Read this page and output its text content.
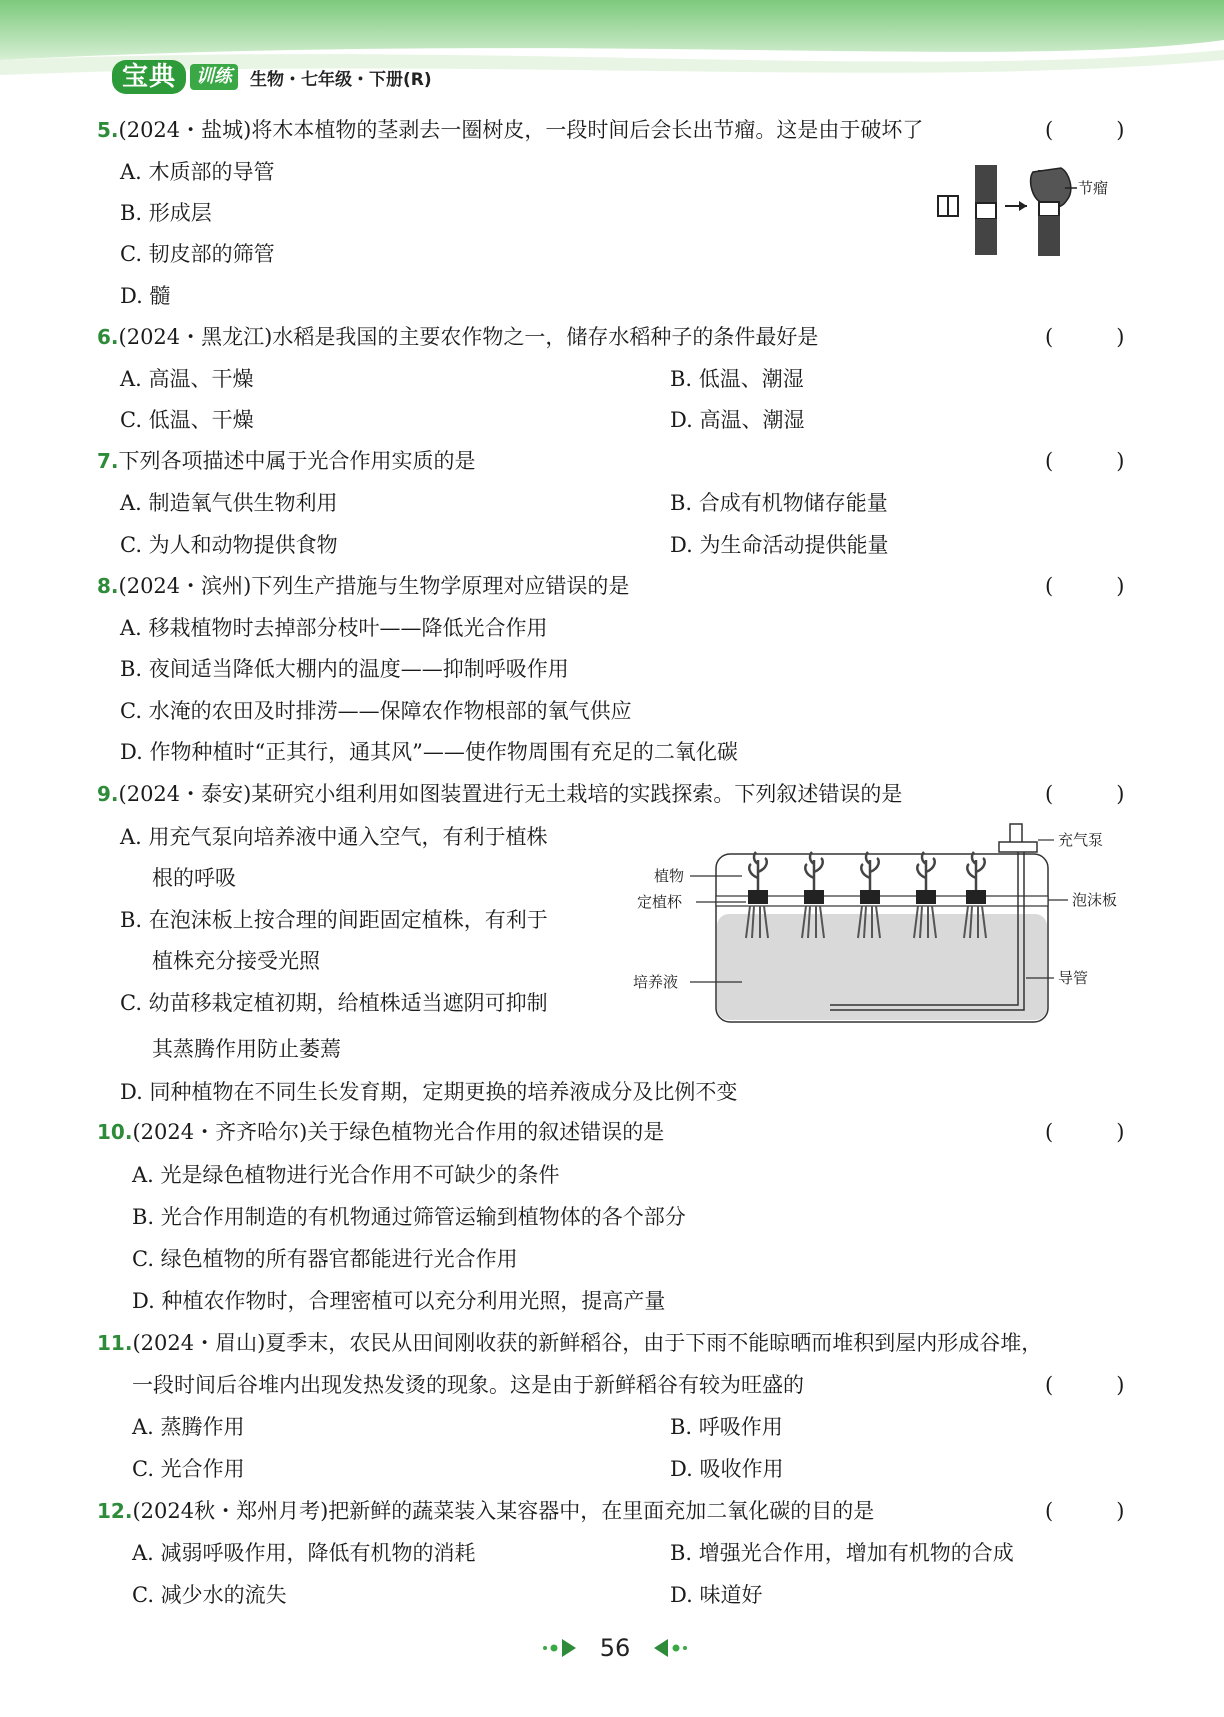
宝典	训练	生物・七年级・下册(R)
5.(2024・盐城)将木本植物的茎剥去一圈树皮，一段时间后会长出节瘤。这是由于破坏了	(　　　)
A. 木质部的导管
B. 形成层
C. 韧皮部的筛管
D. 髓
节瘤
6.(2024・黑龙江)水稻是我国的主要农作物之一，储存水稻种子的条件最好是	(　　　)
A. 高温、干燥	B. 低温、潮湿
C. 低温、干燥	D. 高温、潮湿
7.下列各项描述中属于光合作用实质的是	(　　　)
A. 制造氧气供生物利用	B. 合成有机物储存能量
C. 为人和动物提供食物	D. 为生命活动提供能量
8.(2024・滨州)下列生产措施与生物学原理对应错误的是	(　　　)
A. 移栽植物时去掉部分枝叶——降低光合作用
B. 夜间适当降低大棚内的温度——抑制呼吸作用
C. 水淹的农田及时排涝——保障农作物根部的氧气供应
D. 作物种植时“正其行，通其风”——使作物周围有充足的二氧化碳
9.(2024・泰安)某研究小组利用如图装置进行无土栽培的实践探索。下列叙述错误的是	(　　　)
A. 用充气泵向培养液中通入空气，有利于植株
根的呼吸
B. 在泡沫板上按合理的间距固定植株，有利于
植株充分接受光照
C. 幼苗移栽定植初期，给植株适当遮阴可抑制
其蒸腾作用防止萎蔫
D. 同种植物在不同生长发育期，定期更换的培养液成分及比例不变
植物
定植杯
培养液
充气泵
泡沫板
导管
10.(2024・齐齐哈尔)关于绿色植物光合作用的叙述错误的是	(　　　)
A. 光是绿色植物进行光合作用不可缺少的条件
B. 光合作用制造的有机物通过筛管运输到植物体的各个部分
C. 绿色植物的所有器官都能进行光合作用
D. 种植农作物时，合理密植可以充分利用光照，提高产量
11.(2024・眉山)夏季末，农民从田间刚收获的新鲜稻谷，由于下雨不能晾晒而堆积到屋内形成谷堆，
一段时间后谷堆内出现发热发烫的现象。这是由于新鲜稻谷有较为旺盛的	(　　　)
A. 蒸腾作用	B. 呼吸作用
C. 光合作用	D. 吸收作用
12.(2024秋・郑州月考)把新鲜的蔬菜装入某容器中，在里面充加二氧化碳的目的是	(　　　)
A. 减弱呼吸作用，降低有机物的消耗	B. 增强光合作用，增加有机物的合成
C. 减少水的流失	D. 味道好
56
